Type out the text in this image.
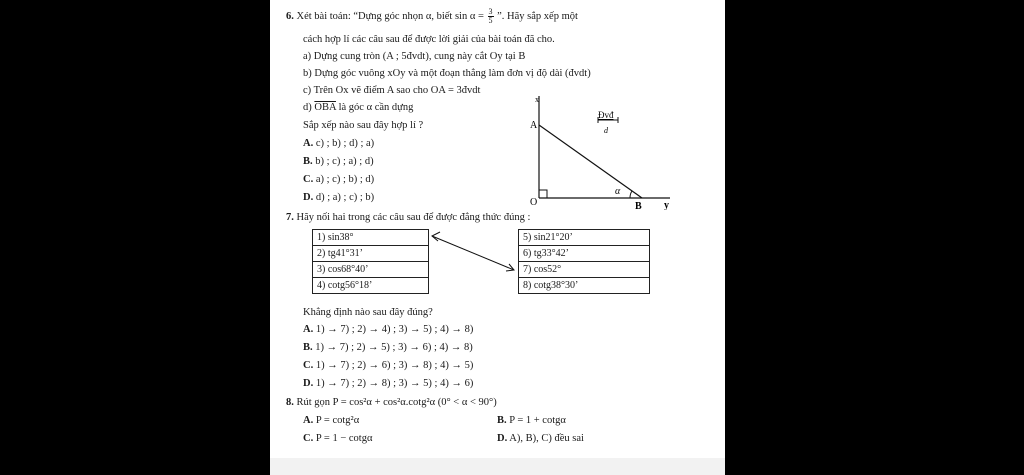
6. Xét bài toán: “Dựng góc nhọn α, biết $\sin \alpha = \frac{3}{5}$ ”. Hãy sắp xếp một
cách hợp lí các câu sau để được lời giải của bài toán đã cho.
a) Dựng cung tròn (A ; 5đvdt), cung này cắt Oy tại B
b) Dựng góc vuông xOy và một đoạn thẳng làm đơn vị độ dài (đvdt)
c) Trên Ox vẽ điểm A sao cho OA = 3đvdt
d) $\overline{OBA}$ là góc α cần dựng
Sắp xếp nào sau đây hợp lí ?
A. c) ; b) ; d) ; a)
B. b) ; c) ; a) ; d)
C. a) ; c) ; b) ; d)
D. d) ; a) ; c) ; b)
x
A
O	B y
α
Đvđ
d
7. Hãy nối hai trong các câu sau để được đẳng thức đúng :
1) sin38°
2) tg41°31’
3) cos68°40’
4) cotg56°18’
5) sin21°20’
6) tg33°42’
7) cos52°
8) cotg38°30’
Khẳng định nào sau đây đúng?
A. 1) → 7) ; 2) → 4) ; 3) → 5) ; 4) → 8)
B. 1) → 7) ; 2) → 5) ; 3) → 6) ; 4) → 8)
C. 1) → 7) ; 2) → 6) ; 3) → 8) ; 4) → 5)
D. 1) → 7) ; 2) → 8) ; 3) → 5) ; 4) → 6)
8. Rút gọn P = cos²α + cos²α.cotg²α (0° < α < 90°)
A. P = cotg²α	B. P = 1 + cotgα
C. P = 1 − cotgα	D. A), B), C) đều sai
